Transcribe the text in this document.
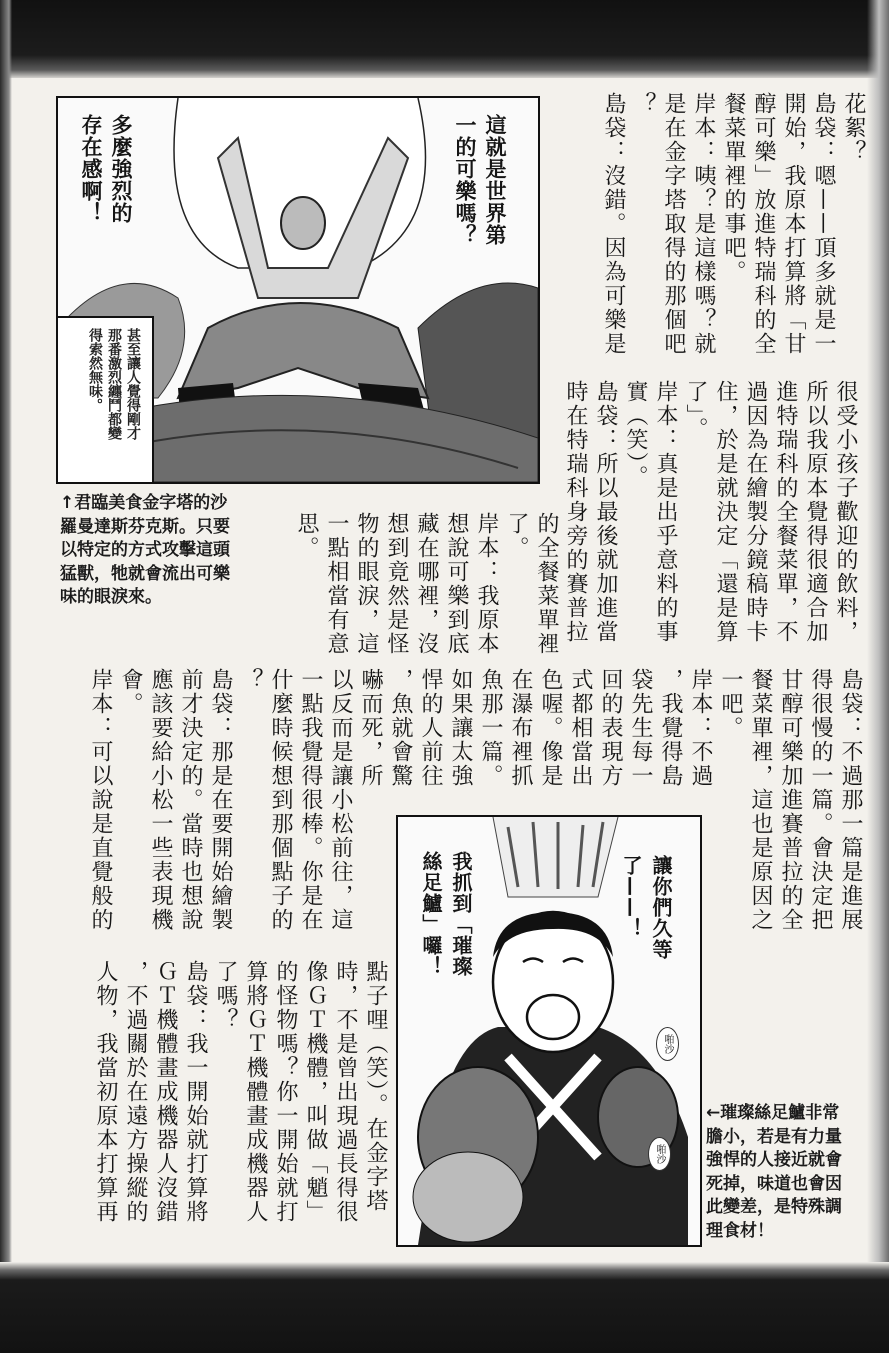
花絮？
島袋：嗯——頂多就是一
開始，我原本打算將「甘
醇可樂」放進特瑞科的全
餐菜單裡的事吧。
岸本：咦？是這樣嗎？就
是在金字塔取得的那個吧
？
島袋：沒錯。因為可樂是
很受小孩子歡迎的飲料，
所以我原本覺得很適合加
進特瑞科的全餐菜單，不
過因為在繪製分鏡稿時卡
住，於是就決定「還是算
了」。
岸本：真是出乎意料的事
實（笑）。
島袋：所以最後就加進當
時在特瑞科身旁的賽普拉
的全餐菜單裡
了。
岸本：我原本
想說可樂到底
藏在哪裡，沒
想到竟然是怪
物的眼淚，這
一點相當有意
思。
島袋：不過那一篇是進展
得很慢的一篇。會決定把
甘醇可樂加進賽普拉的全
餐菜單裡，這也是原因之
一吧。
岸本：不過
，我覺得島
袋先生每一
回的表現方
式都相當出
色喔。像是
在瀑布裡抓
魚那一篇。
如果讓太強
悍的人前往
，魚就會驚
嚇而死，所
以反而是讓小松前往，這
一點我覺得很棒。你是在
什麼時候想到那個點子的
？
島袋：那是在要開始繪製
前才決定的。當時也想說
應該要給小松一些表現機
會。
岸本：可以說是直覺般的
點子哩（笑）。在金字塔
時，不是曾出現過長得很
像ＧＴ機體，叫做「魈」
的怪物嗎？你一開始就打
算將ＧＴ機體畫成機器人
了嗎？
島袋：我一開始就打算將
ＧＴ機體畫成機器人沒錯
，不過關於在遠方操縱的
人物，我當初原本打算再
這就是世界第
一的可樂嗎？
多麼強烈的
存在感啊！
甚至讓人覺得剛才
那番激烈纏鬥都變
得索然無味。
↑君臨美食金字塔的沙
羅曼達斯芬克斯。只要
以特定的方式攻擊這頭
猛獸，牠就會流出可樂
味的眼淚來。
讓你們久等
了——！
我抓到「璀璨
絲足鱸」囉！
啪沙
啪沙
←璀璨絲足鱸非常
膽小，若是有力量
強悍的人接近就會
死掉，味道也會因
此變差，是特殊調
理食材！
